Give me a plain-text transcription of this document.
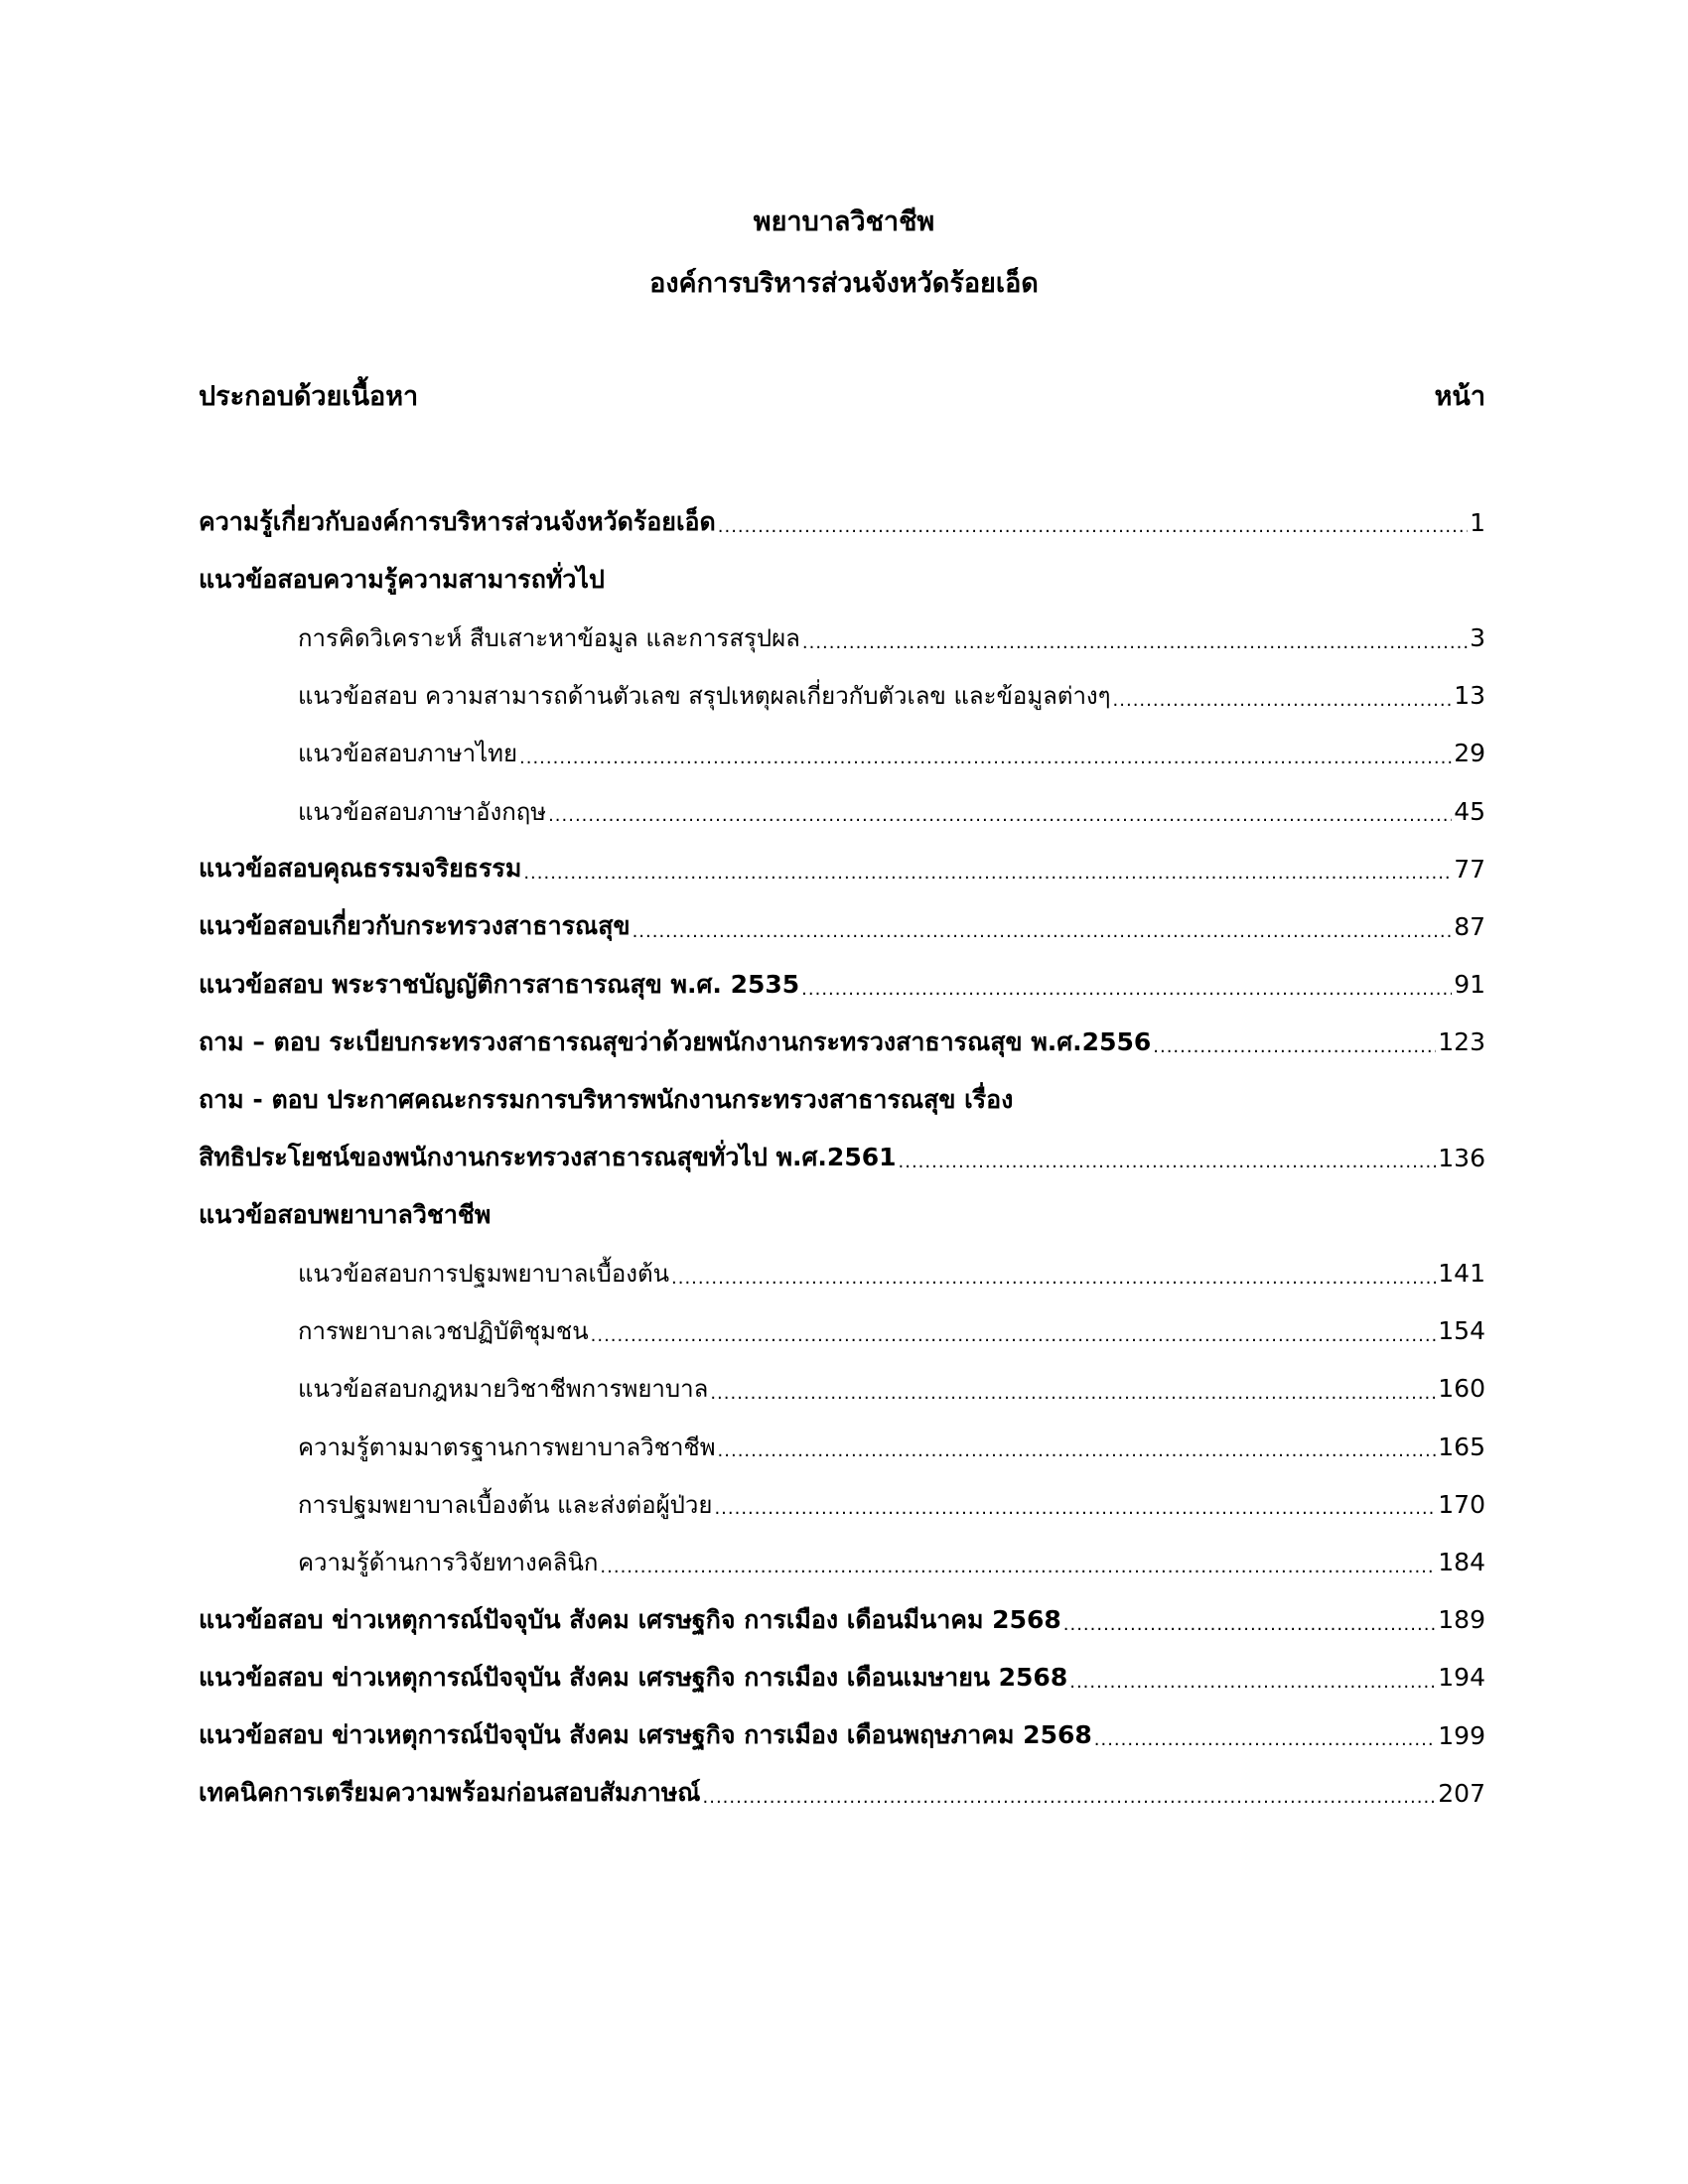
พยาบาลวิชาชีพ
องค์การบริหารส่วนจังหวัดร้อยเอ็ด
ประกอบด้วยเนื้อหา	หน้า
ความรู้เกี่ยวกับองค์การบริหารส่วนจังหวัดร้อยเอ็ด .....	1
แนวข้อสอบความรู้ความสามารถทั่วไป
การคิดวิเคราะห์ สืบเสาะหาข้อมูล และการสรุปผล .....	3
แนวข้อสอบ ความสามารถด้านตัวเลข สรุปเหตุผลเกี่ยวกับตัวเลข และข้อมูลต่างๆ .....	13
แนวข้อสอบภาษาไทย .....	29
แนวข้อสอบภาษาอังกฤษ .....	45
แนวข้อสอบคุณธรรมจริยธรรม .....	77
แนวข้อสอบเกี่ยวกับกระทรวงสาธารณสุข .....	87
แนวข้อสอบ พระราชบัญญัติการสาธารณสุข พ.ศ. 2535 .....	91
ถาม – ตอบ ระเบียบกระทรวงสาธารณสุขว่าด้วยพนักงานกระทรวงสาธารณสุข พ.ศ.2556 .....	123
ถาม - ตอบ ประกาศคณะกรรมการบริหารพนักงานกระทรวงสาธารณสุข เรื่อง
สิทธิประโยชน์ของพนักงานกระทรวงสาธารณสุขทั่วไป พ.ศ.2561 .....	136
แนวข้อสอบพยาบาลวิชาชีพ
แนวข้อสอบการปฐมพยาบาลเบื้องต้น .....	141
การพยาบาลเวชปฏิบัติชุมชน .....	154
แนวข้อสอบกฎหมายวิชาชีพการพยาบาล .....	160
ความรู้ตามมาตรฐานการพยาบาลวิชาชีพ .....	165
การปฐมพยาบาลเบื้องต้น และส่งต่อผู้ป่วย .....	170
ความรู้ด้านการวิจัยทางคลินิก .....	184
แนวข้อสอบ ข่าวเหตุการณ์ปัจจุบัน สังคม เศรษฐกิจ การเมือง เดือนมีนาคม 2568 .....	189
แนวข้อสอบ ข่าวเหตุการณ์ปัจจุบัน สังคม เศรษฐกิจ การเมือง เดือนเมษายน 2568 .....	194
แนวข้อสอบ ข่าวเหตุการณ์ปัจจุบัน สังคม เศรษฐกิจ การเมือง เดือนพฤษภาคม 2568 .....	199
เทคนิคการเตรียมความพร้อมก่อนสอบสัมภาษณ์ .....	207
